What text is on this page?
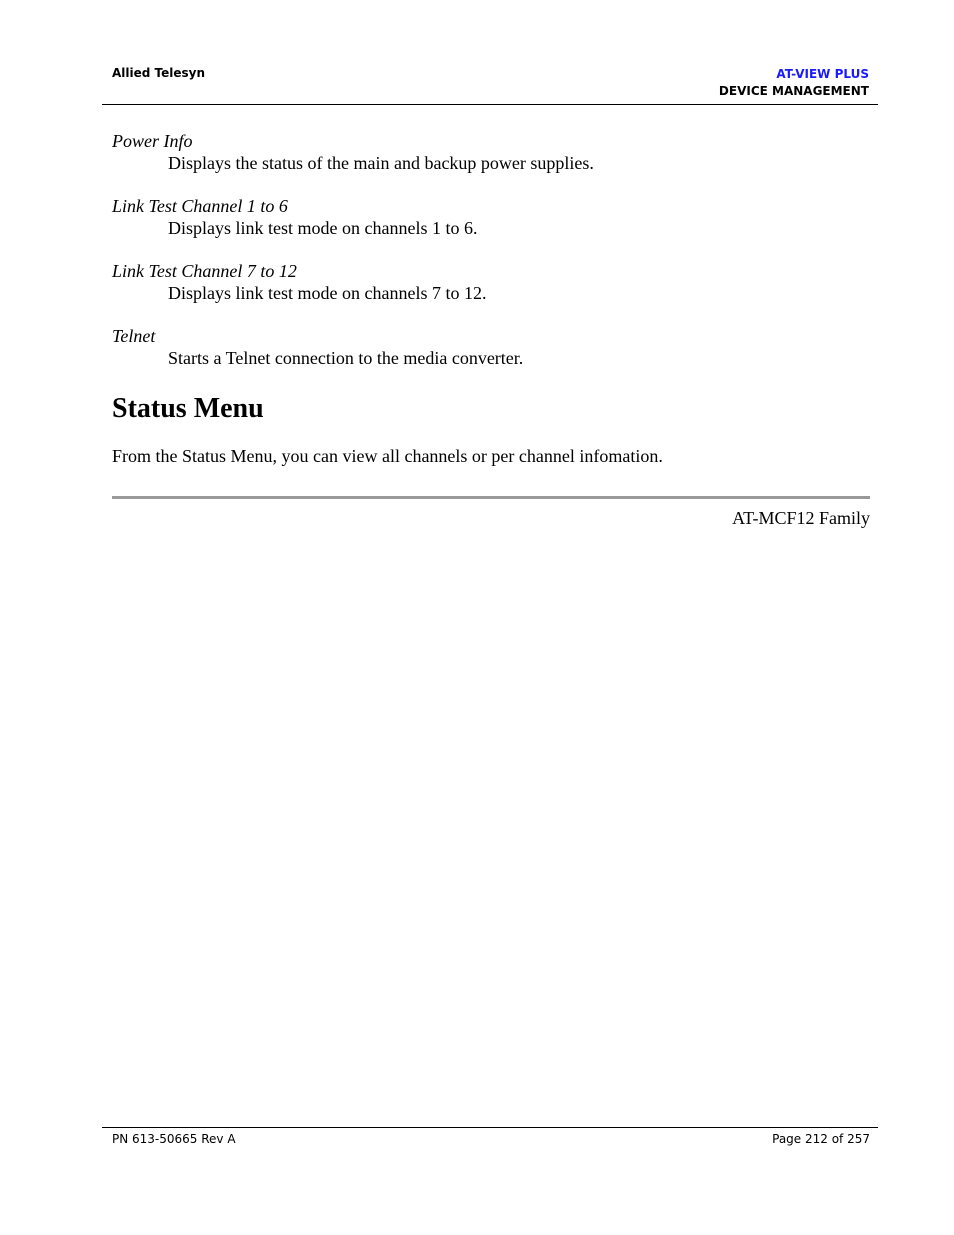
Allied Telesyn	AT-VIEW PLUS
DEVICE MANAGEMENT

Power Info

Displays the status of the main and backup power supplies.

Link Test Channel 1 to 6

Displays link test mode on channels 1 to 6.

Link Test Channel 7 to 12

Displays link test mode on channels 7 to 12.

Telnet

Starts a Telnet connection to the media converter.

Status Menu

From the Status Menu, you can view all channels or per channel infomation.

AT-MCF12 Family
PN 613-50665 Rev A	Page 212 of 257
